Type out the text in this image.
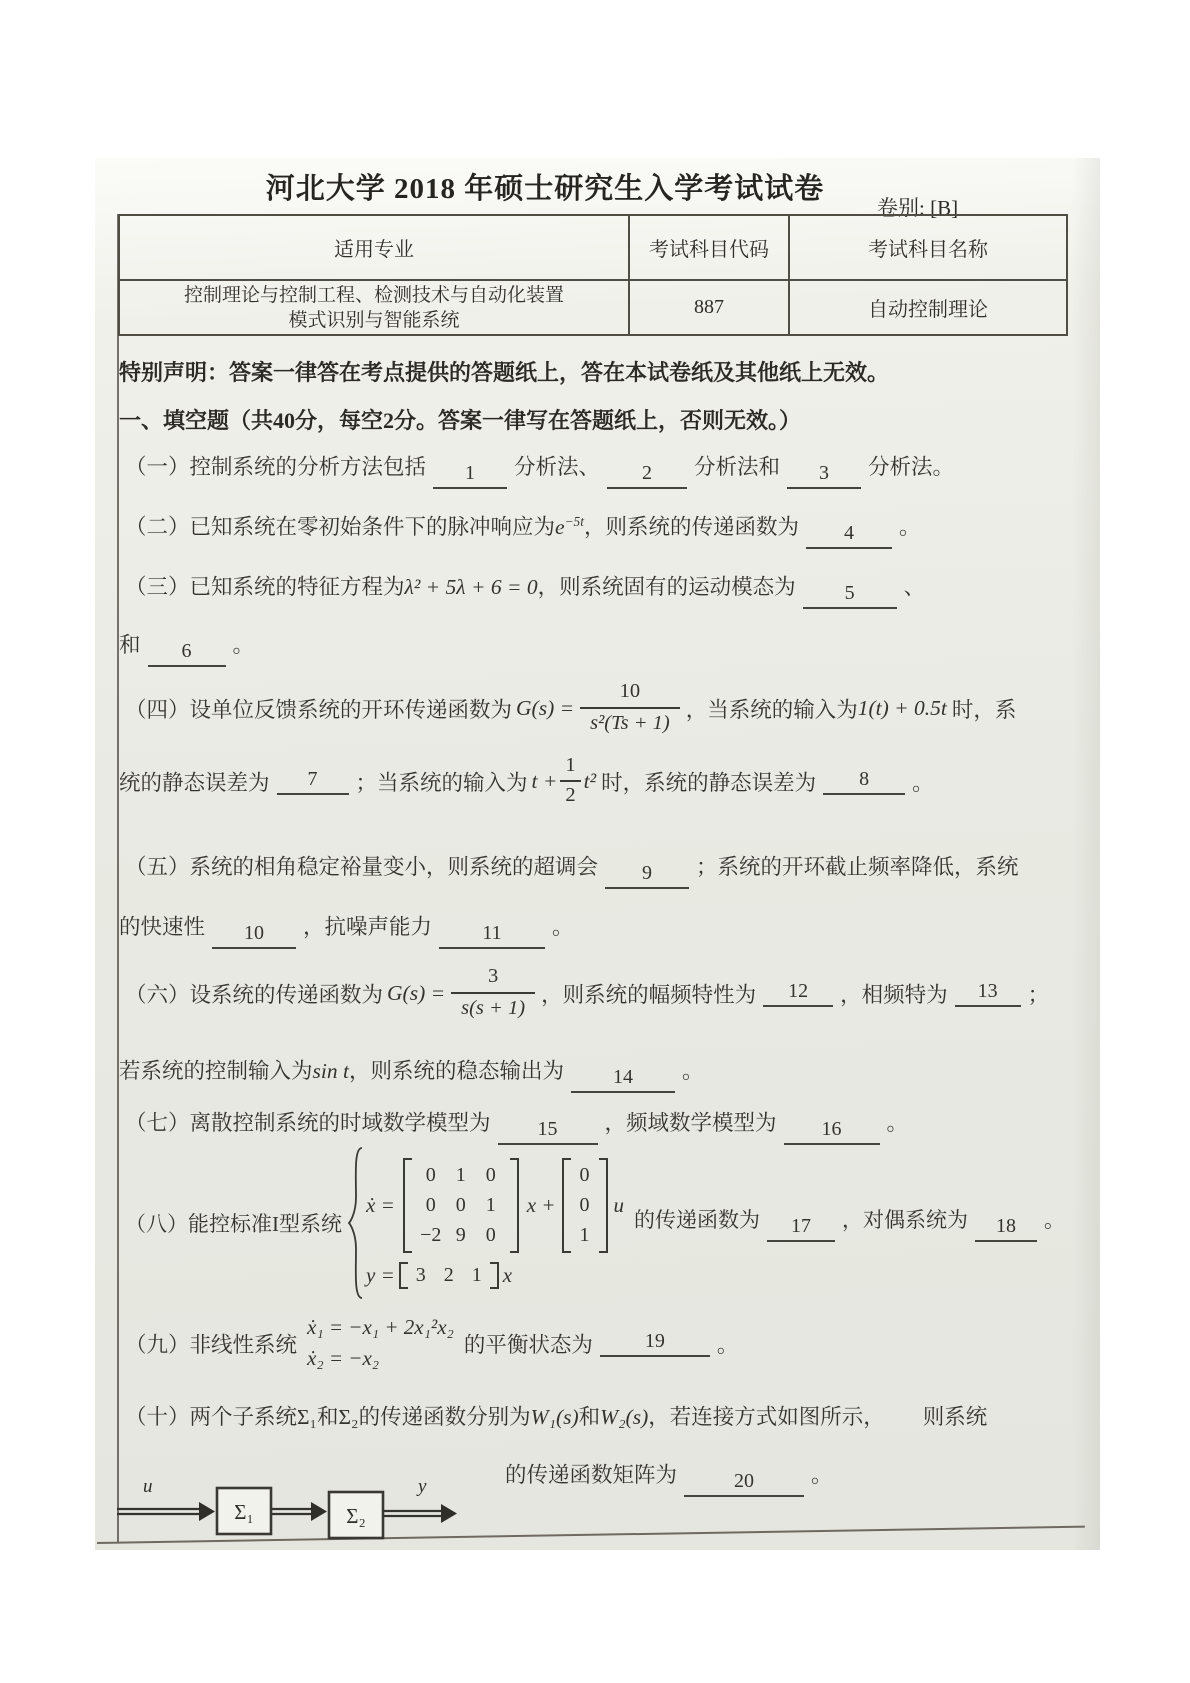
河北大学 2018 年硕士研究生入学考试试卷
卷别: [B]
适用专业	考试科目代码	考试科目名称
控制理论与控制工程、检测技术与自动化装置
模式识别与智能系统
887	自动控制理论
特别声明：答案一律答在考点提供的答题纸上，答在本试卷纸及其他纸上无效。
一、填空题（共40分，每空2分。答案一律写在答题纸上，否则无效。）
（一）控制系统的分析方法包括 1 分析法、 2 分析法和 3 分析法。
（二）已知系统在零初始条件下的脉冲响应为$e^{-5t}$，则系统的传递函数为 4 。
（三）已知系统的特征方程为λ² + 5λ + 6 = 0，则系统固有的运动模态为 5 、
和 6 。
（四）设单位反馈系统的开环传递函数为 $G(s) = \frac{10}{\text{s²(Ts + 1)}}$ ，当系统的输入为 1(t) + 0.5t 时，系
统的静态误差为	7	；当系统的输入为 $t + \frac{1}{2} t^2$ 时，系统的静态误差为	8	。
（五）系统的相角稳定裕量变小，则系统的超调会 9 ；系统的开环截止频率降低，系统
的快速性 10 ，抗噪声能力	11 。
（六）设系统的传递函数为 $G(s) = \frac{3}{s(s + 1)}$ ，则系统的幅频特性为	12	，相频特为	13	；
若系统的控制输入为sin t，则系统的稳态输出为 14 。
（七）离散控制系统的时域数学模型为 15 ，频域数学模型为 16 。
（八）能控标准I型系统
ẋ =
0 1 0
0 0 1
−2 9 0
x +
0
0
1
u
y = 3 2 1 x
的传递函数为 17 ，对偶系统为 18 。
（九）非线性系统
ẋ₁ = −x₁ + 2x₁²x₂
ẋ₂ = −x₂
的平衡状态为	19	。
（十）两个子系统Σ₁和Σ₂的传递函数分别为W₁(s)和W₂(s)，若连接方式如图所示， 则系统
的传递函数矩阵为	20	。
u
Σ₁	Σ₂
y
